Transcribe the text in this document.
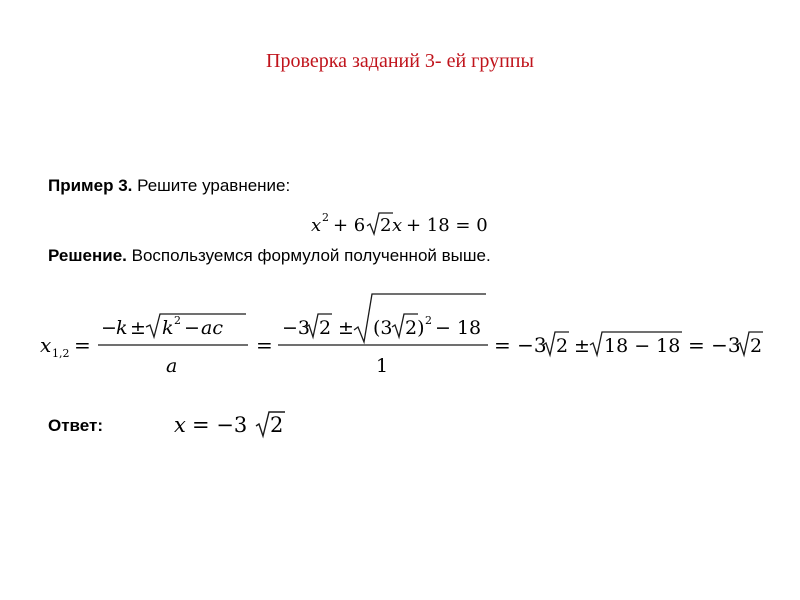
Проверка заданий 3- ей группы
Пример 3. Решите уравнение:
x 2 + 6 2 x + 18 = 0
Решение. Воспользуемся формулой полученной выше.
x 1,2 =
− k ± k 2 − ac
a
=
−3 2 ± (3 2) 2 − 18
1
= −3 2 ± 18 − 18 = −3 2
Ответ:	x = −3 2
